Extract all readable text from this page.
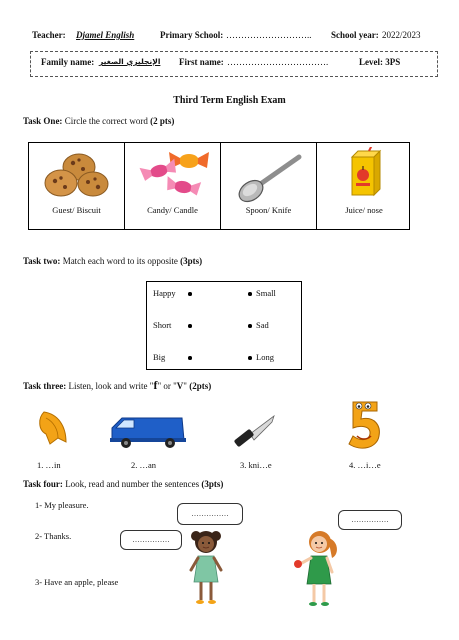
Teacher: Djamel English	Primary School: ……………………….. School year: 2022/2023
Family name: الإنجليزي الصغير First name: …………………………….	Level: 3PS
Third Term English Exam
Task One: Circle the correct word (2 pts)
Guest/ Biscuit	Candy/ Candle	Spoon/ Knife	Juice/ nose
Task two: Match each word to its opposite (3pts)
Happy
Short
Big
Small
Sad
Long
Task three: Listen, look and write "f" or "V" (2pts)
1. …in	2. …an	3. kni…e	4. …i…e
Task four: Look, read and number the sentences (3pts)
1- My pleasure.
2- Thanks.
3- Have an apple, please
……………
……………
……………
